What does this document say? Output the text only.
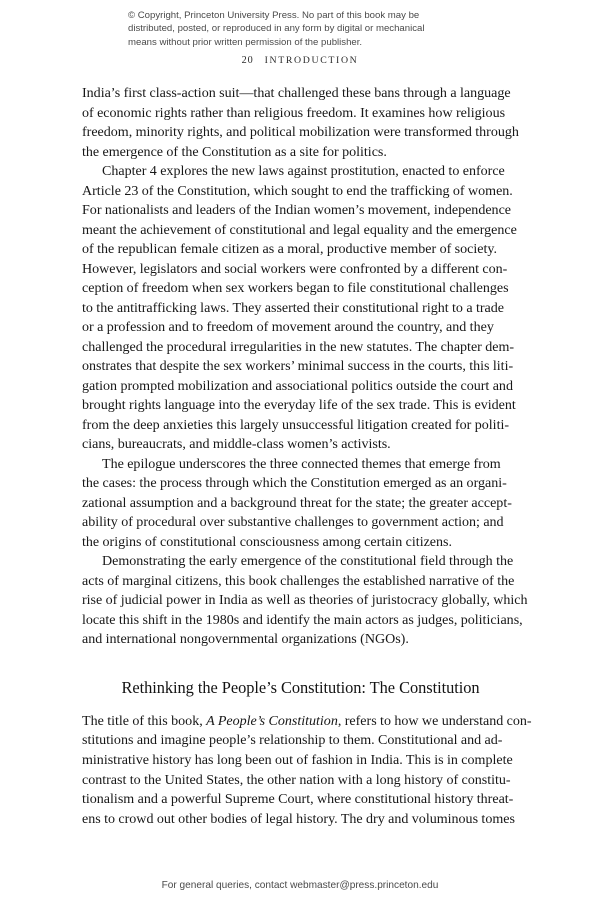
© Copyright, Princeton University Press. No part of this book may be
distributed, posted, or reproduced in any form by digital or mechanical
means without prior written permission of the publisher.
20 INTRODUCTION

India’s first class-action suit—that challenged these bans through a language
of economic rights rather than religious freedom. It examines how religious
freedom, minority rights, and political mobilization were transformed through
the emergence of the Constitution as a site for politics.

Chapter 4 explores the new laws against prostitution, enacted to enforce
Article 23 of the Constitution, which sought to end the trafficking of women.
For nationalists and leaders of the Indian women’s movement, independence
meant the achievement of constitutional and legal equality and the emergence
of the republican female citizen as a moral, productive member of society.
However, legislators and social workers were confronted by a different con-
ception of freedom when sex workers began to file constitutional challenges
to the antitrafficking laws. They asserted their constitutional right to a trade
or a profession and to freedom of movement around the country, and they
challenged the procedural irregularities in the new statutes. The chapter dem-
onstrates that despite the sex workers’ minimal success in the courts, this liti-
gation prompted mobilization and associational politics outside the court and
brought rights language into the everyday life of the sex trade. This is evident
from the deep anxieties this largely unsuccessful litigation created for politi-
cians, bureaucrats, and middle-class women’s activists.

The epilogue underscores the three connected themes that emerge from
the cases: the process through which the Constitution emerged as an organi-
zational assumption and a background threat for the state; the greater accept-
ability of procedural over substantive challenges to government action; and
the origins of constitutional consciousness among certain citizens.

Demonstrating the early emergence of the constitutional field through the
acts of marginal citizens, this book challenges the established narrative of the
rise of judicial power in India as well as theories of juristocracy globally, which
locate this shift in the 1980s and identify the main actors as judges, politicians,
and international nongovernmental organizations (NGOs).

Rethinking the People’s Constitution: The Constitution

The title of this book, A People’s Constitution, refers to how we understand con-
stitutions and imagine people’s relationship to them. Constitutional and ad-
ministrative history has long been out of fashion in India. This is in complete
contrast to the United States, the other nation with a long history of constitu-
tionalism and a powerful Supreme Court, where constitutional history threat-
ens to crowd out other bodies of legal history. The dry and voluminous tomes

For general queries, contact webmaster@press.princeton.edu
